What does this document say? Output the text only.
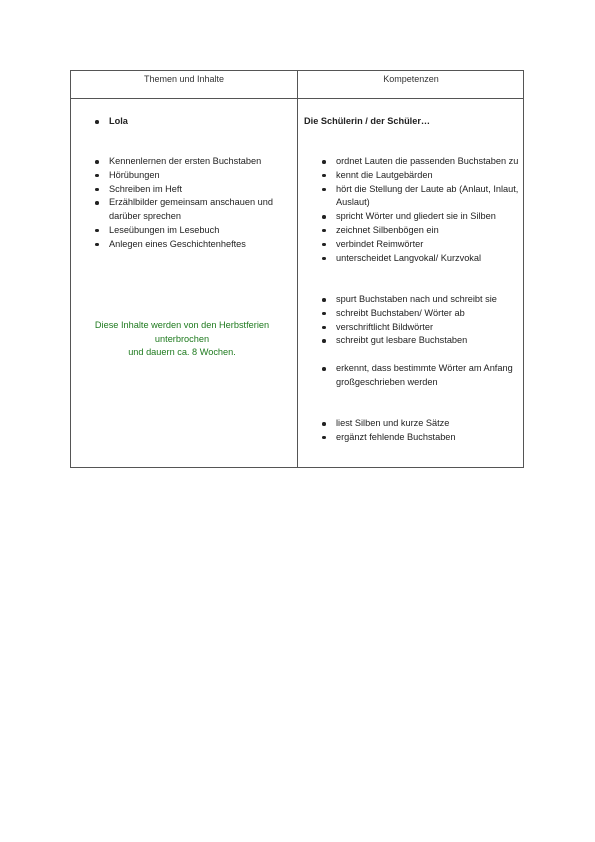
Themen und Inhalte	Kompetenzen
Lola
Kennenlernen der ersten Buchstaben
Hörübungen
Schreiben im Heft
Erzählbilder gemeinsam anschauen und darüber sprechen
Leseübungen im Lesebuch
Anlegen eines Geschichtenheftes
Diese Inhalte werden von den Herbstferien
unterbrochen
und dauern ca. 8 Wochen.
Die Schülerin / der Schüler…
ordnet Lauten die passenden Buchstaben zu
kennt die Lautgebärden
hört die Stellung der Laute ab (Anlaut, Inlaut, Auslaut)
spricht Wörter und gliedert sie in Silben
zeichnet Silbenbögen ein
verbindet Reimwörter
unterscheidet Langvokal/ Kurzvokal
spurt Buchstaben nach und schreibt sie
schreibt Buchstaben/ Wörter ab
verschriftlicht Bildwörter
schreibt gut lesbare Buchstaben
erkennt, dass bestimmte Wörter am Anfang großgeschrieben werden
liest Silben und kurze Sätze
ergänzt fehlende Buchstaben
